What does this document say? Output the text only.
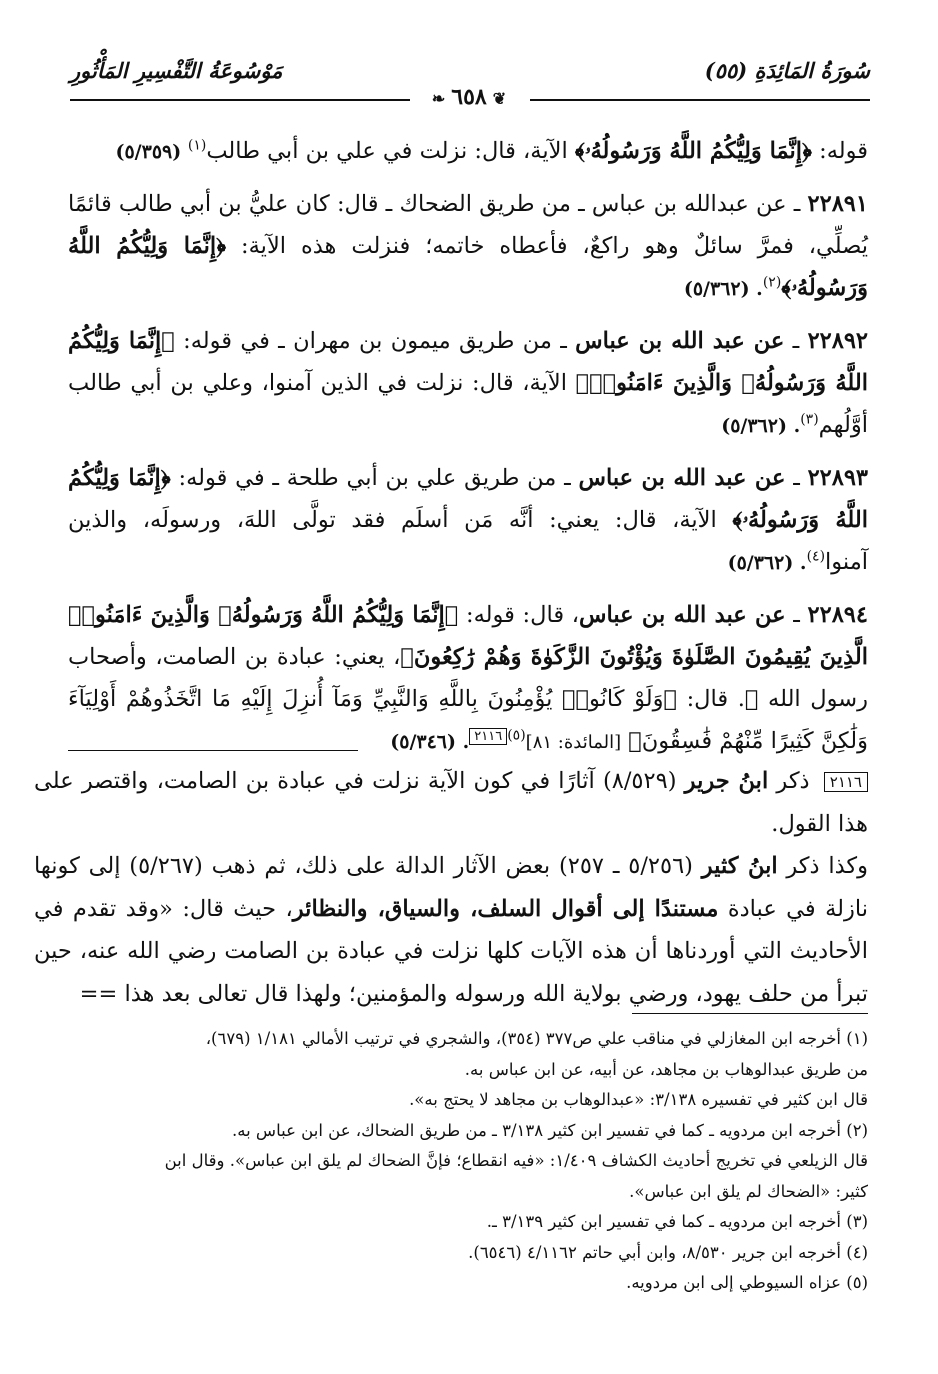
سُورَةُ المَائِدَةِ (٥٥)
مَوْسُوعَةُ التَّفْسِيرِ المَأْثُورِ
❦٦٥٨❧

قوله: ﴿إِنَّمَا وَلِيُّكُمُ اللَّهُ وَرَسُولُهُۥ﴾ الآية، قال: نزلت في علي بن أبي طالب$^{(١)}$ (٥/٣٥٩)

٢٢٨٩١ ـ عن عبدالله بن عباس ـ من طريق الضحاك ـ قال: كان عليُّ بن أبي طالب قائمًا يُصلِّي، فمرَّ سائلٌ وهو راكعٌ، فأعطاه خاتمه؛ فنزلت هذه الآية: ﴿إِنَّمَا وَلِيُّكُمُ اللَّهُ وَرَسُولُهُۥ﴾$^{(٢)}$. (٥/٣٦٢)

٢٢٨٩٢ ـ عن عبد الله بن عباس ـ من طريق ميمون بن مهران ـ في قوله: ﴿إِنَّمَا وَلِيُّكُمُ اللَّهُ وَرَسُولُهُۥ وَالَّذِينَ ءَامَنُوا۟﴾ الآية، قال: نزلت في الذين آمنوا، وعلي بن أبي طالب أوَّلُهم$^{(٣)}$. (٥/٣٦٢)

٢٢٨٩٣ ـ عن عبد الله بن عباس ـ من طريق علي بن أبي طلحة ـ في قوله: ﴿إِنَّمَا وَلِيُّكُمُ اللَّهُ وَرَسُولُهُۥ﴾ الآية، قال: يعني: أنَّه مَن أسلَم فقد تولَّى اللهَ، ورسولَه، والذين آمنوا$^{(٤)}$. (٥/٣٦٢)

٢٢٨٩٤ ـ عن عبد الله بن عباس، قال: قوله: ﴿إِنَّمَا وَلِيُّكُمُ اللَّهُ وَرَسُولُهُۥ وَالَّذِينَ ءَامَنُوا۟ الَّذِينَ يُقِيمُونَ الصَّلَوٰةَ وَيُؤْتُونَ الزَّكَوٰةَ وَهُمْ رَٰكِعُونَ﴾، يعني: عبادة بن الصامت، وأصحاب رسول الله ﷺ. قال: ﴿وَلَوْ كَانُوا۟ يُؤْمِنُونَ بِاللَّهِ وَالنَّبِيِّ وَمَآ أُنزِلَ إِلَيْهِ مَا اتَّخَذُوهُمْ أَوْلِيَآءَ وَلَٰكِنَّ كَثِيرًا مِّنْهُمْ فَٰسِقُونَ﴾ [المائدة: ٨١]$^{(٥)}$٢١١٦. (٥/٣٤٦)

٢١١٦ ذكر ابنُ جرير (٨/٥٢٩) آثارًا في كون الآية نزلت في عبادة بن الصامت، واقتصر على هذا القول.

وكذا ذكر ابنُ كثير (٥/٢٥٦ ـ ٢٥٧) بعض الآثار الدالة على ذلك، ثم ذهب (٥/٢٦٧) إلى كونها نازلة في عبادة مستندًا إلى أقوال السلف، والسياق، والنظائر، حيث قال: «وقد تقدم في الأحاديث التي أوردناها أن هذه الآيات كلها نزلت في عبادة بن الصامت رضي الله عنه، حين تبرأ من حلف يهود، ورضي بولاية الله ورسوله والمؤمنين؛ ولهذا قال تعالى بعد هذا ==

(١) أخرجه ابن المغازلي في مناقب علي ص٣٧٧ (٣٥٤)، والشجري في ترتيب الأمالي ١/١٨١ (٦٧٩)،
من طريق عبدالوهاب بن مجاهد، عن أبيه، عن ابن عباس به.
قال ابن كثير في تفسيره ٣/١٣٨: «عبدالوهاب بن مجاهد لا يحتج به».
(٢) أخرجه ابن مردويه ـ كما في تفسير ابن كثير ٣/١٣٨ ـ من طريق الضحاك، عن ابن عباس به.
قال الزيلعي في تخريج أحاديث الكشاف ١/٤٠٩: «فيه انقطاع؛ فإنَّ الضحاك لم يلق ابن عباس». وقال ابن
كثير: «الضحاك لم يلق ابن عباس».
(٣) أخرجه ابن مردويه ـ كما في تفسير ابن كثير ٣/١٣٩ ـ.
(٤) أخرجه ابن جرير ٨/٥٣٠، وابن أبي حاتم ٤/١١٦٢ (٦٥٤٦).
(٥) عزاه السيوطي إلى ابن مردويه.
